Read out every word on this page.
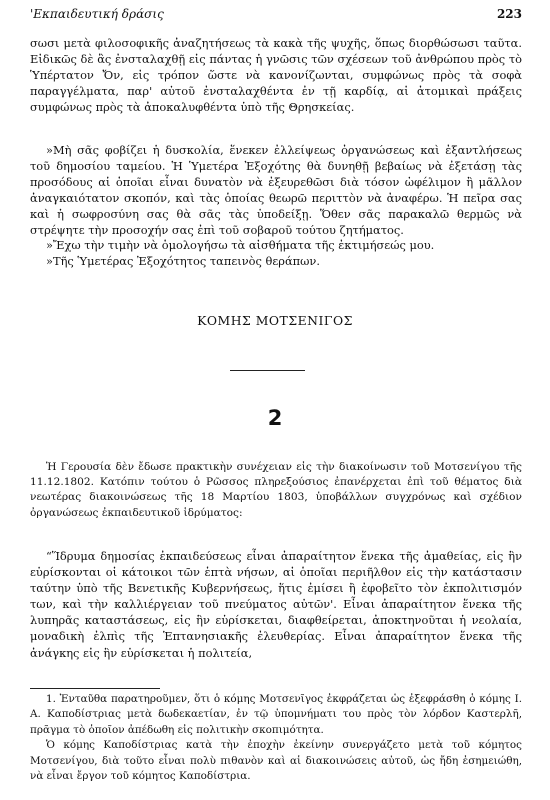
'Εκπαιδευτική δράσις	223

σωσι μετὰ φιλοσοφικῆς ἀναζητήσεως τὰ κακὰ τῆς ψυχῆς, ὅπως διορθώσωσι ταῦτα. Εἰδικῶς δὲ ἂς ἐνσταλαχθῇ εἰς πάντας ἡ γνῶσις τῶν σχέσεων τοῦ ἀνθρώπου πρὸς τὸ Ὑπέρτατον Ὄν, εἰς τρόπον ὥστε νὰ κανονίζωνται, συμφώνως πρὸς τὰ σοφὰ παραγγέλματα, παρ' αὐτοῦ ἐνσταλαχθέντα ἐν τῇ καρδίᾳ, αἱ ἀτομικαὶ πράξεις συμφώνως πρὸς τὰ ἀποκαλυφθέντα ὑπὸ τῆς Θρησκείας.

»Μὴ σᾶς φοβίζει ἡ δυσκολία, ἕνεκεν ἐλλείψεως ὀργανώσεως καὶ ἐξαντλήσεως τοῦ δημοσίου ταμείου. Ἡ Ὑμετέρα Ἐξοχότης θὰ δυνηθῇ βεβαίως νὰ ἐξετάσῃ τὰς προσόδους αἱ ὁποῖαι εἶναι δυνατὸν νὰ ἐξευρεθῶσι διὰ τόσον ὠφέλιμον ἢ μᾶλλον ἀναγκαιότατον σκοπόν, καὶ τὰς ὁποίας θεωρῶ περιττὸν νὰ ἀναφέρω. Ἡ πεῖρα σας καὶ ἡ σωφροσύνη σας θὰ σᾶς τὰς ὑποδείξῃ. Ὅθεν σᾶς παρακαλῶ θερμῶς νὰ στρέψητε τὴν προσοχήν σας ἐπὶ τοῦ σοβαροῦ τούτου ζητήματος.

»Ἔχω τὴν τιμὴν νὰ ὁμολογήσω τὰ αἰσθήματα τῆς ἐκτιμήσεώς μου.

»Τῆς Ὑμετέρας Ἐξοχότητος ταπεινὸς θεράπων.

ΚΟΜΗΣ ΜΟΤΣΕΝΙΓΟΣ
2

Ἡ Γερουσία δὲν ἔδωσε πρακτικὴν συνέχειαν εἰς τὴν διακοίνωσιν τοῦ Μοτσενίγου τῆς 11.12.1802. Κατόπιν τούτου ὁ Ρῶσσος πληρεξούσιος ἐπανέρχεται ἐπὶ τοῦ θέματος διὰ νεωτέρας διακοινώσεως τῆς 18 Μαρτίου 1803, ὑποβάλλων συγχρόνως καὶ σχέδιον ὀργανώσεως ἐκπαιδευτικοῦ ἱδρύματος:

“Ἵδρυμα δημοσίας ἐκπαιδεύσεως εἶναι ἀπαραίτητον ἕνεκα τῆς ἀμαθείας, εἰς ἣν εὑρίσκονται οἱ κάτοικοι τῶν ἑπτὰ νήσων, αἱ ὁποῖαι περιῆλθον εἰς τὴν κατάστασιν ταύτην ὑπὸ τῆς Βενετικῆς Κυβερνήσεως, ἥτις ἐμίσει ἢ ἐφοβεῖτο τὸν ἐκπολιτισμόν των, καὶ τὴν καλλιέργειαν τοῦ πνεύματος αὐτῶν'. Εἶναι ἀπαραίτητον ἕνεκα τῆς λυπηρᾶς καταστάσεως, εἰς ἣν εὑρίσκεται, διαφθείρεται, ἀποκτηνοῦται ἡ νεολαία, μοναδικὴ ἐλπὶς τῆς Ἑπτανησιακῆς ἐλευθερίας. Εἶναι ἀπαραίτητον ἕνεκα τῆς ἀνάγκης εἰς ἣν εὑρίσκεται ἡ πολιτεία,

1. Ἐνταῦθα παρατηροῦμεν, ὅτι ὁ κόμης Μοτσενῖγος ἐκφράζεται ὡς ἐξεφράσθη ὁ κόμης Ι. Α. Καποδίστριας μετὰ δωδεκαετίαν, ἐν τῷ ὑπομνήματι του πρὸς τὸν λόρδον Καστερλῆ, πρᾶγμα τὸ ὁποῖον ἀπέδωθη εἰς πολιτικὴν σκοπιμότητα.

Ὁ κόμης Καποδίστριας κατὰ τὴν ἐποχὴν ἐκείνην συνεργάζετο μετὰ τοῦ κόμητος Μοτσενίγου, διὰ τοῦτο εἶναι πολὺ πιθανὸν καὶ αἱ διακοινώσεις αὐτοῦ, ὡς ἤδη ἐσημειώθη, νὰ εἶναι ἔργον τοῦ κόμητος Καποδίστρια.
